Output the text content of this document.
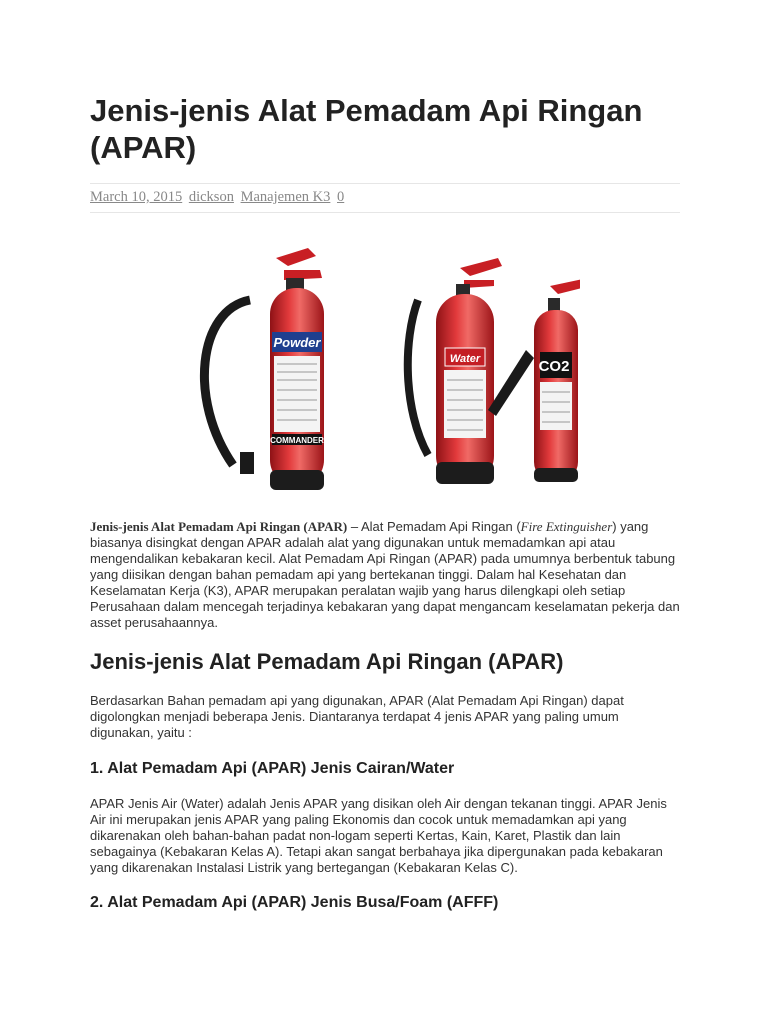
Jenis-jenis Alat Pemadam Api Ringan (APAR)
March 10, 2015 dickson Manajemen K3 0
Powder
COMMANDER
Water	CO2

Jenis-jenis Alat Pemadam Api Ringan (APAR) – Alat Pemadam Api Ringan (Fire Extinguisher) yang biasanya disingkat dengan APAR adalah alat yang digunakan untuk memadamkan api atau mengendalikan kebakaran kecil. Alat Pemadam Api Ringan (APAR) pada umumnya berbentuk tabung yang diisikan dengan bahan pemadam api yang bertekanan tinggi. Dalam hal Kesehatan dan Keselamatan Kerja (K3), APAR merupakan peralatan wajib yang harus dilengkapi oleh setiap Perusahaan dalam mencegah terjadinya kebakaran yang dapat mengancam keselamatan pekerja dan asset perusahaannya.

Jenis-jenis Alat Pemadam Api Ringan (APAR)

Berdasarkan Bahan pemadam api yang digunakan, APAR (Alat Pemadam Api Ringan) dapat digolongkan menjadi beberapa Jenis. Diantaranya terdapat 4 jenis APAR yang paling umum digunakan, yaitu :

1. Alat Pemadam Api (APAR) Jenis Cairan/Water

APAR Jenis Air (Water) adalah Jenis APAR yang disikan oleh Air dengan tekanan tinggi. APAR Jenis Air ini merupakan jenis APAR yang paling Ekonomis dan cocok untuk memadamkan api yang dikarenakan oleh bahan-bahan padat non-logam seperti Kertas, Kain, Karet, Plastik dan lain sebagainya (Kebakaran Kelas A). Tetapi akan sangat berbahaya jika dipergunakan pada kebakaran yang dikarenakan Instalasi Listrik yang bertegangan (Kebakaran Kelas C).

2. Alat Pemadam Api (APAR) Jenis Busa/Foam (AFFF)
